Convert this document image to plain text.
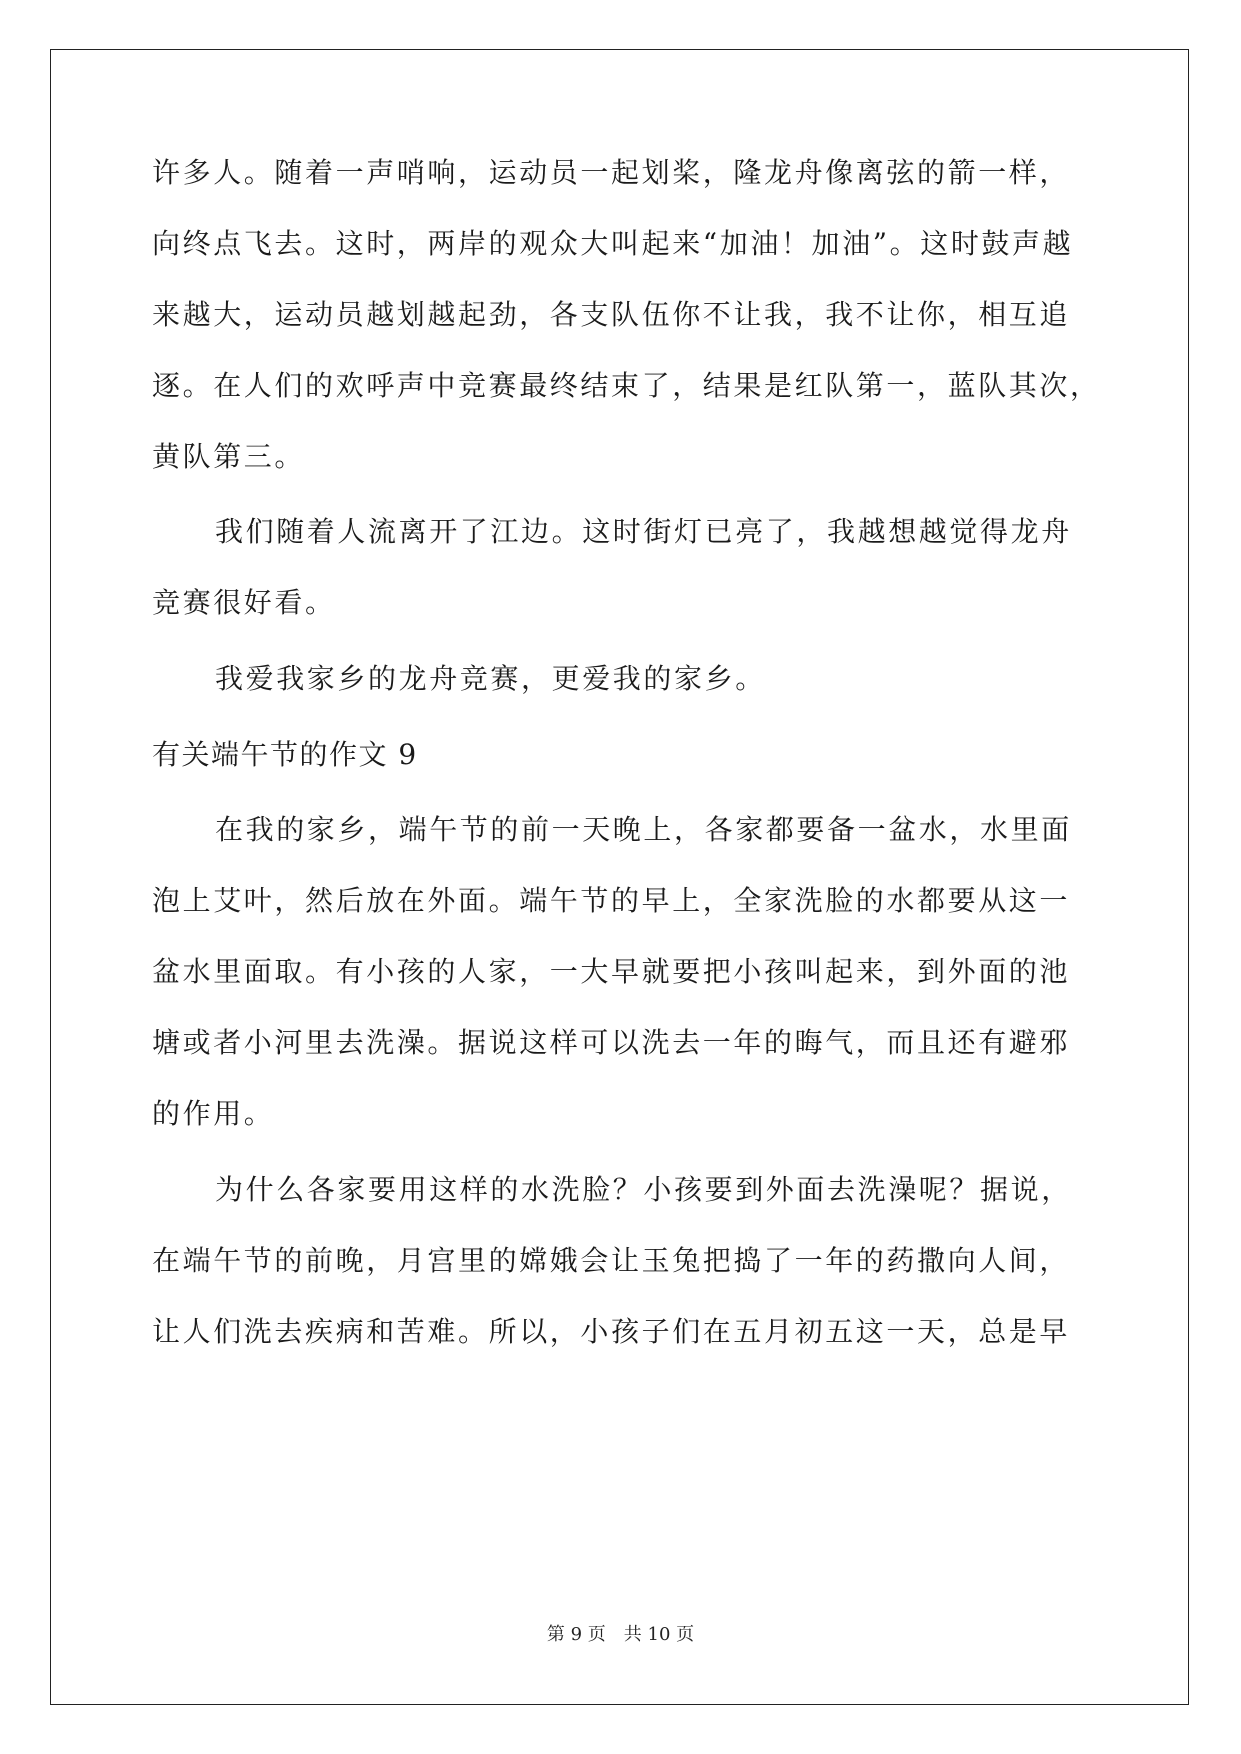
许多人。随着一声哨响，运动员一起划桨，隆龙舟像离弦的箭一样，
向终点飞去。这时，两岸的观众大叫起来“加油！加油”。这时鼓声越
来越大，运动员越划越起劲，各支队伍你不让我，我不让你，相互追
逐。在人们的欢呼声中竞赛最终结束了，结果是红队第一，蓝队其次，
黄队第三。
我们随着人流离开了江边。这时街灯已亮了，我越想越觉得龙舟
竞赛很好看。
我爱我家乡的龙舟竞赛，更爱我的家乡。
有关端午节的作文 9
在我的家乡，端午节的前一天晚上，各家都要备一盆水，水里面
泡上艾叶，然后放在外面。端午节的早上，全家洗脸的水都要从这一
盆水里面取。有小孩的人家，一大早就要把小孩叫起来，到外面的池
塘或者小河里去洗澡。据说这样可以洗去一年的晦气，而且还有避邪
的作用。
为什么各家要用这样的水洗脸？小孩要到外面去洗澡呢？据说，
在端午节的前晚，月宫里的嫦娥会让玉兔把捣了一年的药撒向人间，
让人们洗去疾病和苦难。所以，小孩子们在五月初五这一天，总是早
第 9 页　共 10 页
